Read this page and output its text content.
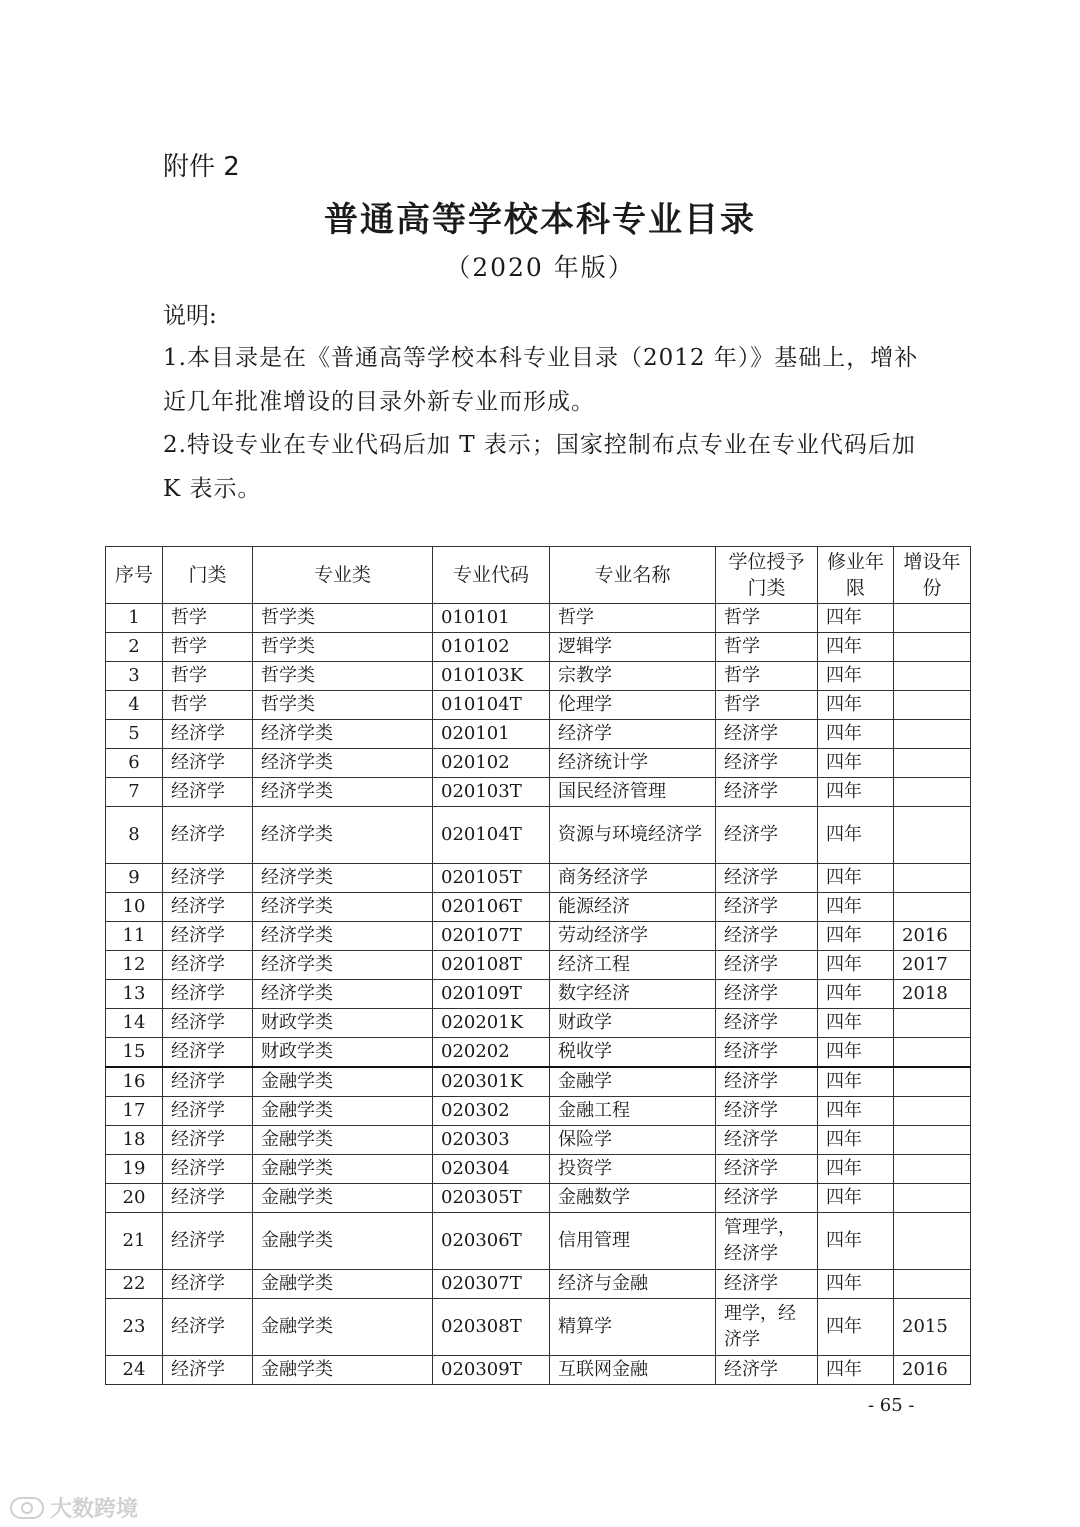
附件 2
普通高等学校本科专业目录
（2020 年版）
说明:
1.本目录是在《普通高等学校本科专业目录（2012 年）》基础上，增补近几年批准增设的目录外新专业而形成。
2.特设专业在专业代码后加 T 表示；国家控制布点专业在专业代码后加 K 表示。
序号	门类	专业类	专业代码	专业名称	学位授予门类	修业年限	增设年份
1	哲学	哲学类	010101	哲学	哲学	四年	
2	哲学	哲学类	010102	逻辑学	哲学	四年	
3	哲学	哲学类	010103K	宗教学	哲学	四年	
4	哲学	哲学类	010104T	伦理学	哲学	四年	
5	经济学	经济学类	020101	经济学	经济学	四年	
6	经济学	经济学类	020102	经济统计学	经济学	四年	
7	经济学	经济学类	020103T	国民经济管理	经济学	四年	
8	经济学	经济学类	020104T	资源与环境经济学	经济学	四年	
9	经济学	经济学类	020105T	商务经济学	经济学	四年	
10	经济学	经济学类	020106T	能源经济	经济学	四年	
11	经济学	经济学类	020107T	劳动经济学	经济学	四年	2016
12	经济学	经济学类	020108T	经济工程	经济学	四年	2017
13	经济学	经济学类	020109T	数字经济	经济学	四年	2018
14	经济学	财政学类	020201K	财政学	经济学	四年	
15	经济学	财政学类	020202	税收学	经济学	四年	
16	经济学	金融学类	020301K	金融学	经济学	四年	
17	经济学	金融学类	020302	金融工程	经济学	四年	
18	经济学	金融学类	020303	保险学	经济学	四年	
19	经济学	金融学类	020304	投资学	经济学	四年	
20	经济学	金融学类	020305T	金融数学	经济学	四年	
21	经济学	金融学类	020306T	信用管理	管理学，经济学	四年	
22	经济学	金融学类	020307T	经济与金融	经济学	四年	
23	经济学	金融学类	020308T	精算学	理学，经济学	四年	2015
24	经济学	金融学类	020309T	互联网金融	经济学	四年	2016
- 65 -
大数跨境
